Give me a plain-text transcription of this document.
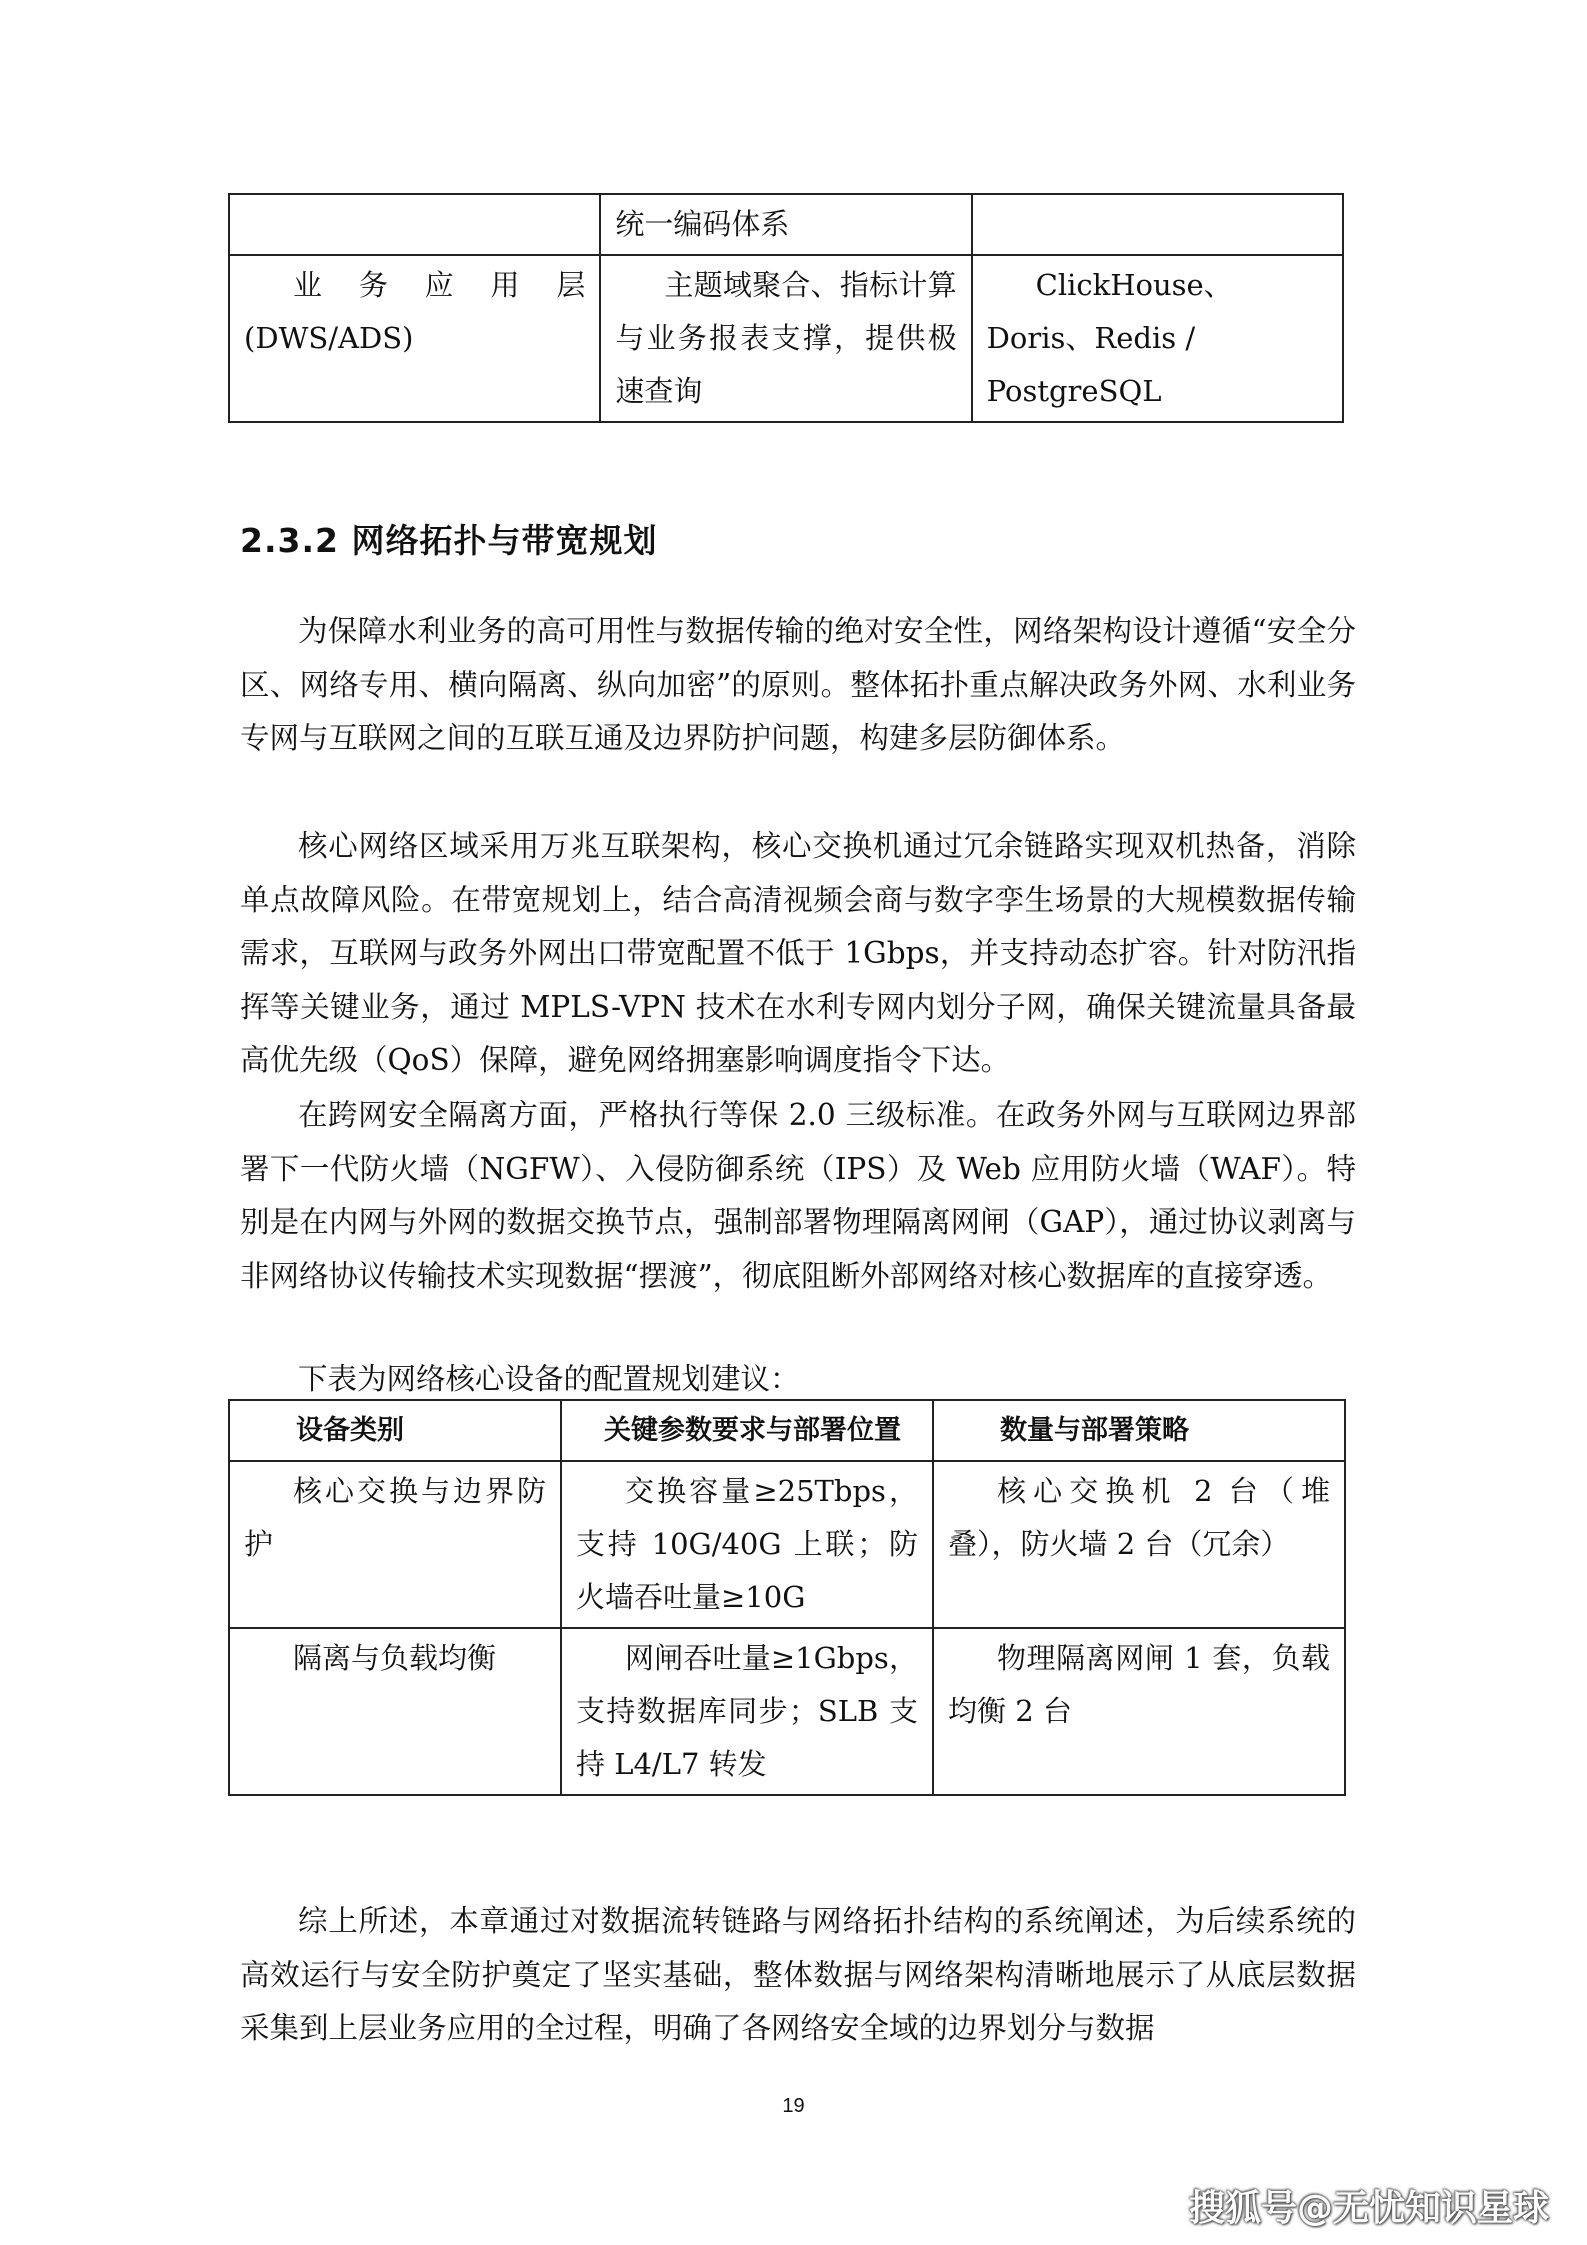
	统一编码体系	
业　务　应　用　层 (DWS/ADS)	主题域聚合、指标计算与业务报表支撑，提供极速查询	ClickHouse、Doris、Redis / PostgreSQL
2.3.2 网络拓扑与带宽规划

为保障水利业务的高可用性与数据传输的绝对安全性，网络架构设计遵循“安全分区、网络专用、横向隔离、纵向加密”的原则。整体拓扑重点解决政务外网、水利业务专网与互联网之间的互联互通及边界防护问题，构建多层防御体系。

核心网络区域采用万兆互联架构，核心交换机通过冗余链路实现双机热备，消除单点故障风险。在带宽规划上，结合高清视频会商与数字孪生场景的大规模数据传输需求，互联网与政务外网出口带宽配置不低于 1Gbps，并支持动态扩容。针对防汛指挥等关键业务，通过 MPLS-VPN 技术在水利专网内划分子网，确保关键流量具备最高优先级（QoS）保障，避免网络拥塞影响调度指令下达。

在跨网安全隔离方面，严格执行等保 2.0 三级标准。在政务外网与互联网边界部署下一代防火墙（NGFW）、入侵防御系统（IPS）及 Web 应用防火墙（WAF）。特别是在内网与外网的数据交换节点，强制部署物理隔离网闸（GAP），通过协议剥离与非网络协议传输技术实现数据“摆渡”，彻底阻断外部网络对核心数据库的直接穿透。

下表为网络核心设备的配置规划建议：

设备类别	关键参数要求与部署位置	数量与部署策略
核心交换与边界防护	交换容量≥25Tbps，支持 10G/40G 上联；防火墙吞吐量≥10G	核心交换机 2 台（堆叠），防火墙 2 台（冗余）
隔离与负载均衡	网闸吞吐量≥1Gbps，支持数据库同步；SLB 支持 L4/L7 转发	物理隔离网闸 1 套，负载均衡 2 台

综上所述，本章通过对数据流转链路与网络拓扑结构的系统阐述，为后续系统的高效运行与安全防护奠定了坚实基础，整体数据与网络架构清晰地展示了从底层数据采集到上层业务应用的全过程，明确了各网络安全域的边界划分与数据

19
搜狐号@无忧知识星球
